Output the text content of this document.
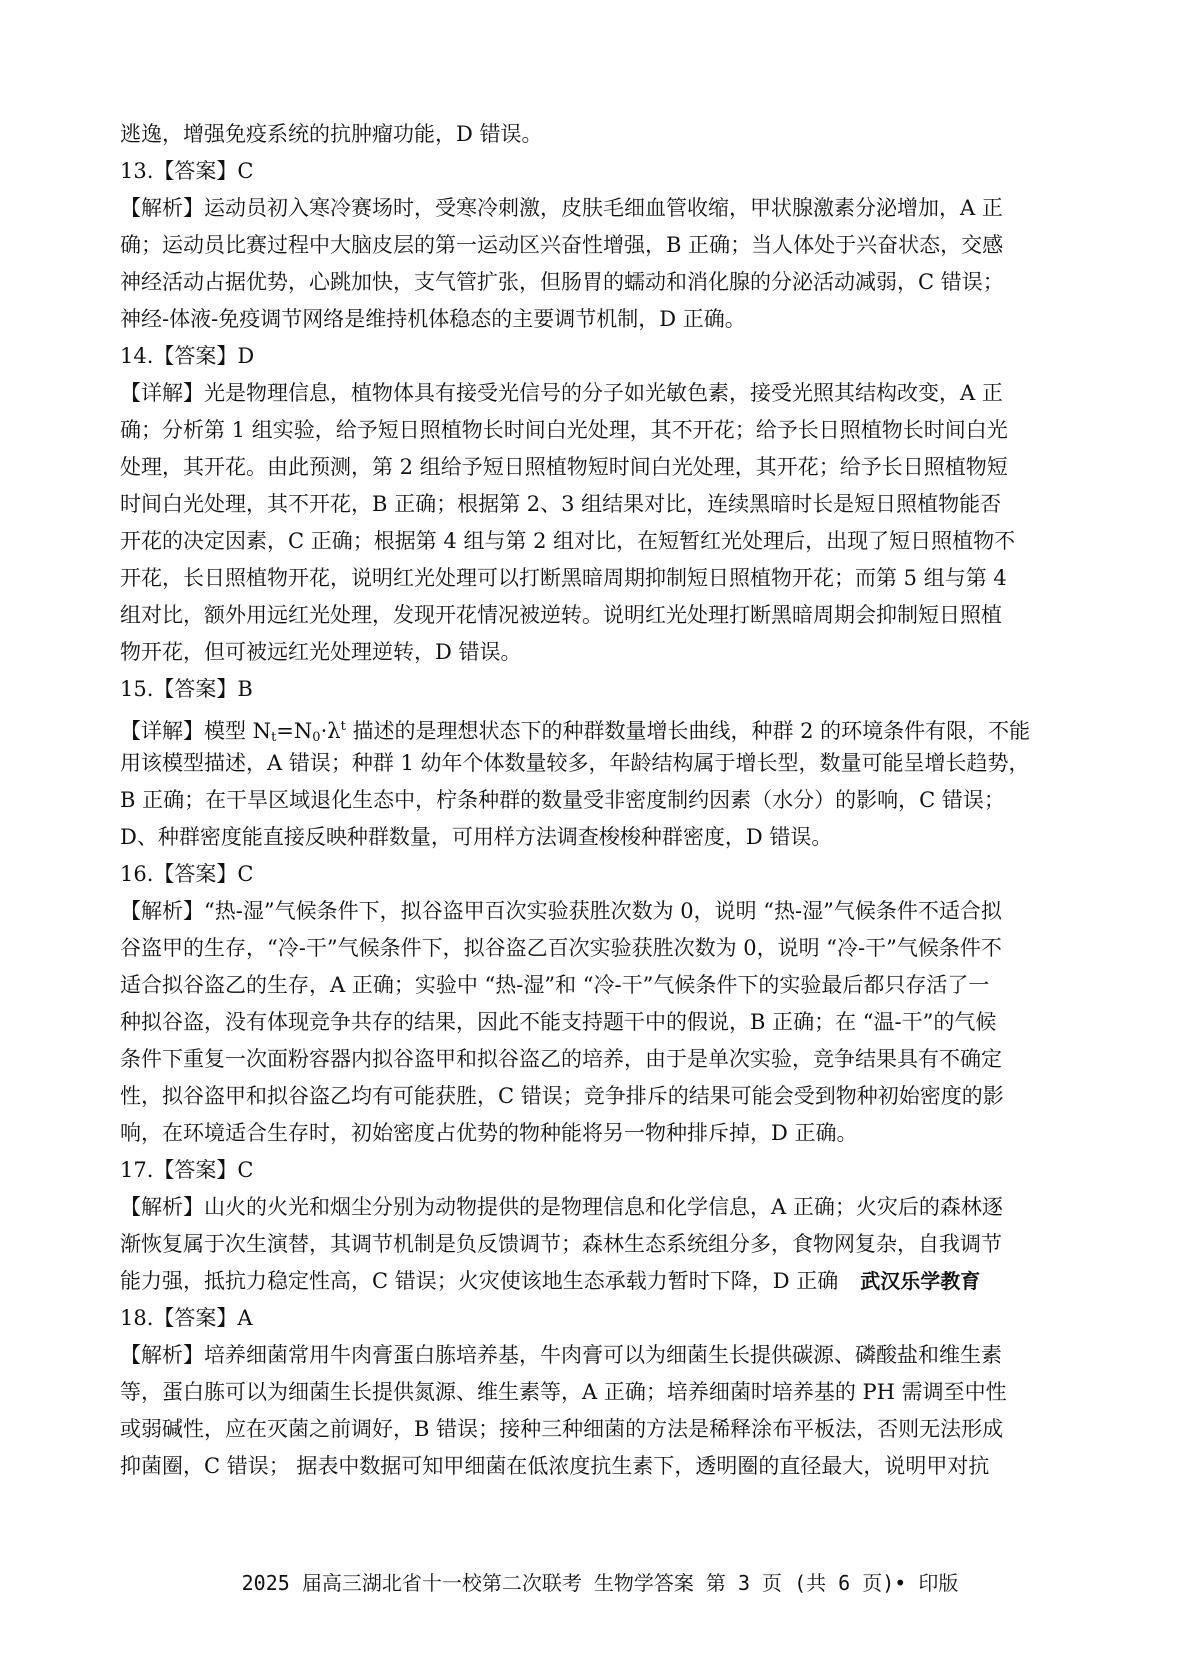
逃逸，增强免疫系统的抗肿瘤功能，D 错误。
13.【答案】C
【解析】运动员初入寒冷赛场时，受寒冷刺激，皮肤毛细血管收缩，甲状腺激素分泌增加，A 正
确；运动员比赛过程中大脑皮层的第一运动区兴奋性增强，B 正确；当人体处于兴奋状态，交感
神经活动占据优势，心跳加快，支气管扩张，但肠胃的蠕动和消化腺的分泌活动减弱，C 错误；
神经-体液-免疫调节网络是维持机体稳态的主要调节机制，D 正确。
14.【答案】D
【详解】光是物理信息，植物体具有接受光信号的分子如光敏色素，接受光照其结构改变，A 正
确；分析第 1 组实验，给予短日照植物长时间白光处理，其不开花；给予长日照植物长时间白光
处理，其开花。由此预测，第 2 组给予短日照植物短时间白光处理，其开花；给予长日照植物短
时间白光处理，其不开花，B 正确；根据第 2、3 组结果对比，连续黑暗时长是短日照植物能否
开花的决定因素，C 正确；根据第 4 组与第 2 组对比，在短暂红光处理后，出现了短日照植物不
开花，长日照植物开花，说明红光处理可以打断黑暗周期抑制短日照植物开花；而第 5 组与第 4
组对比，额外用远红光处理，发现开花情况被逆转。说明红光处理打断黑暗周期会抑制短日照植
物开花，但可被远红光处理逆转，D 错误。
15.【答案】B
【详解】模型 $N_t=N_0\cdot\lambda^t$ 描述的是理想状态下的种群数量增长曲线，种群 2 的环境条件有限，不能
用该模型描述，A 错误；种群 1 幼年个体数量较多，年龄结构属于增长型，数量可能呈增长趋势，
B 正确；在干旱区域退化生态中，柠条种群的数量受非密度制约因素（水分）的影响，C 错误；
D、种群密度能直接反映种群数量，可用样方法调查梭梭种群密度，D 错误。
16.【答案】C
【解析】“热-湿”气候条件下，拟谷盗甲百次实验获胜次数为 0，说明 “热-湿”气候条件不适合拟
谷盗甲的生存，“冷-干”气候条件下，拟谷盗乙百次实验获胜次数为 0，说明 “冷-干”气候条件不
适合拟谷盗乙的生存，A 正确；实验中 “热-湿”和 “冷-干”气候条件下的实验最后都只存活了一
种拟谷盗，没有体现竞争共存的结果，因此不能支持题干中的假说，B 正确；在 “温-干”的气候
条件下重复一次面粉容器内拟谷盗甲和拟谷盗乙的培养，由于是单次实验，竞争结果具有不确定
性，拟谷盗甲和拟谷盗乙均有可能获胜，C 错误；竞争排斥的结果可能会受到物种初始密度的影
响，在环境适合生存时，初始密度占优势的物种能将另一物种排斥掉，D 正确。
17.【答案】C
【解析】山火的火光和烟尘分别为动物提供的是物理信息和化学信息，A 正确；火灾后的森林逐
渐恢复属于次生演替，其调节机制是负反馈调节；森林生态系统组分多，食物网复杂，自我调节
能力强，抵抗力稳定性高，C 错误；火灾使该地生态承载力暂时下降，D 正确 武汉乐学教育
18.【答案】A
【解析】培养细菌常用牛肉膏蛋白胨培养基，牛肉膏可以为细菌生长提供碳源、磷酸盐和维生素
等，蛋白胨可以为细菌生长提供氮源、维生素等，A 正确；培养细菌时培养基的 PH 需调至中性
或弱碱性，应在灭菌之前调好，B 错误；接种三种细菌的方法是稀释涂布平板法，否则无法形成
抑菌圈，C 错误； 据表中数据可知甲细菌在低浓度抗生素下，透明圈的直径最大，说明甲对抗
2025 届高三湖北省十一校第二次联考 生物学答案 第 3 页 (共 6 页)• 印版
